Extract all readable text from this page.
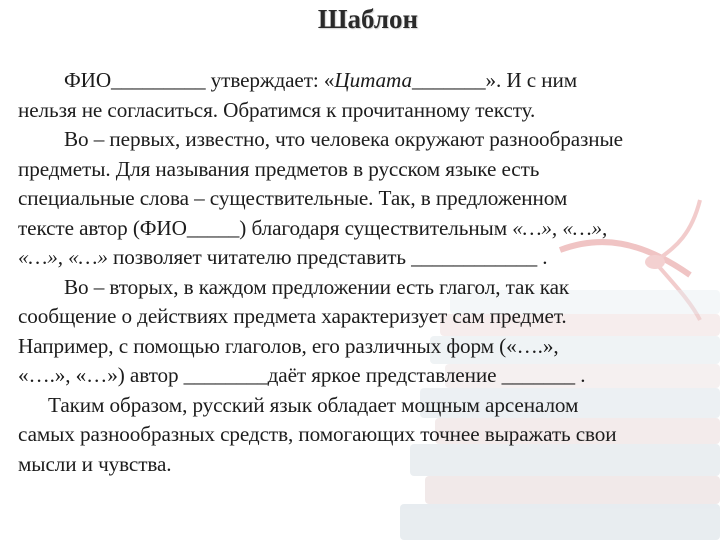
Шаблон
ФИО_________ утверждает: «Цитата_______». И с ним
нельзя не согласиться. Обратимся к прочитанному тексту.
Во – первых, известно, что человека окружают разнообразные
предметы. Для называния предметов в русском языке есть
специальные слова – существительные. Так, в предложенном
тексте автор (ФИО_____) благодаря существительным «…», «…»,
«…», «…» позволяет читателю представить ____________ .
Во – вторых, в каждом предложении есть глагол, так как
сообщение о действиях предмета характеризует сам предмет.
Например, с помощью глаголов, его различных форм («….»,
«….», «…») автор ________даёт яркое представление _______ .
Таким образом, русский язык обладает мощным арсеналом
самых разнообразных средств, помогающих точнее выражать свои
мысли и чувства.
